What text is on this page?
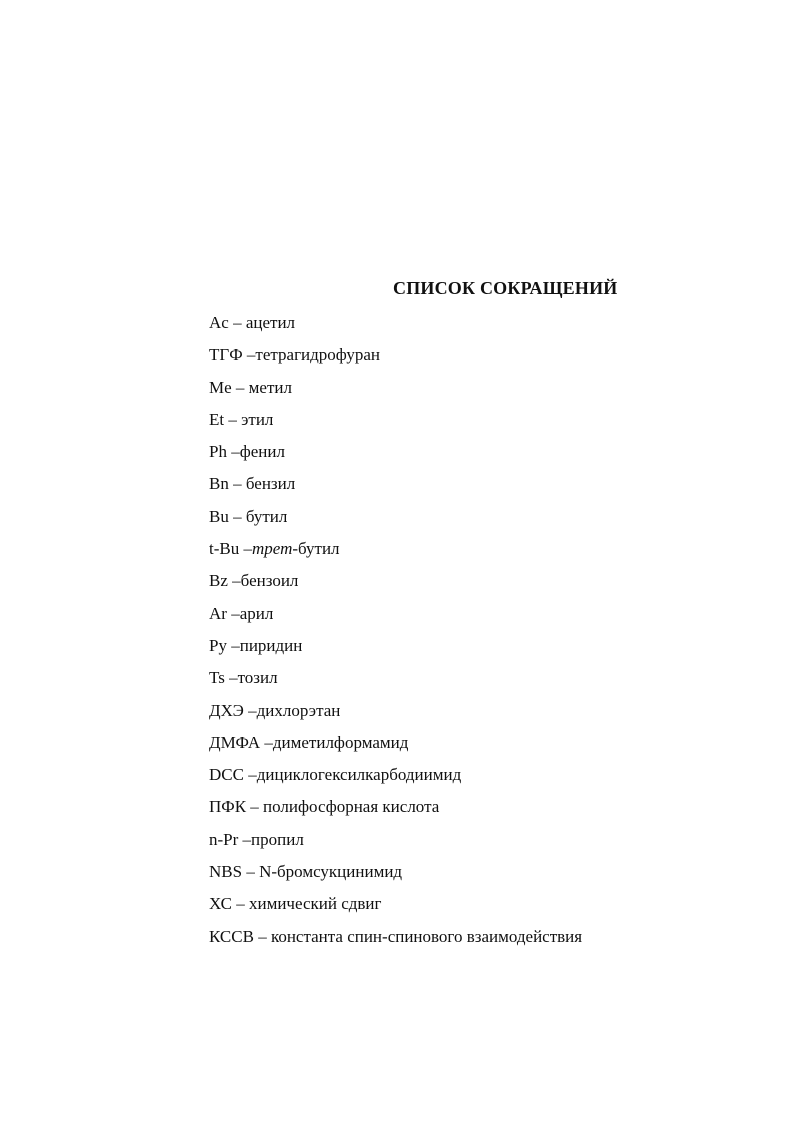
СПИСОК СОКРАЩЕНИЙ
Ac – ацетил
ТГФ –тетрагидрофуран
Me – метил
Et – этил
Ph –фенил
Bn – бензил
Bu – бутил
t-Bu –трет-бутил
Bz –бензоил
Ar –арил
Py –пиридин
Ts –тозил
ДХЭ –дихлорэтан
ДМФА –диметилформамид
DCC –дициклогексилкарбодиимид
ПФК – полифосфорная кислота
n-Pr –пропил
NBS – N-бромсукцинимид
ХС – химический сдвиг
КССВ – константа спин-спинового взаимодействия
